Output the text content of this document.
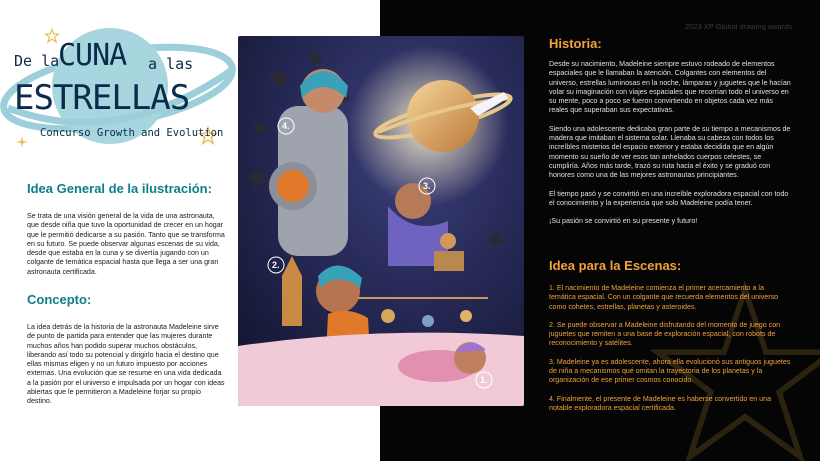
De la
CUNA a las
ESTRELLAS
Concurso Growth and Evolution
Idea General de la ilustración:
Se trata de una visión general de la vida de una astronauta, que desde niña que tuvo la oportunidad de crecer en un hogar que le permitió dedicarse a su pasión. Tanto que se transforma en su futuro. Se puede observar algunas escenas de su vida, desde que estaba en la cuna y se divertía jugando con un colgante de temática espacial hasta que llega a ser una gran astronauta certificada.
Concepto:
La idea detrás de la historia de la astronauta Madeleine sirve de punto de partida para entender que las mujeres durante muchos años han podido superar muchos obstáculos, liberando así todo su potencial y dirigirlo hacia el destino que ellas mismas eligen y no un futuro impuesto por acciones externas. Una evolución que se resume en una vida dedicada a la pasión por el universo e impulsada por un hogar con ideas abiertas que le permitieron a Madeleine forjar su propio destino.
2023 XP Global drawing awards
4.
3.
2.
1.
Historia:

Desde su nacimiento, Madeleine siempre estuvo rodeado de elementos espaciales que le llamaban la atención. Colgantes con elementos del universo, estrellas luminosas en la noche, lámparas y juguetes que le hacían volar su imaginación con viajes espaciales que recorrían todo el universo en su mente, poco a poco se fueron convirtiendo en objetos cada vez más reales que superaban sus expectativas.

Siendo una adolescente dedicaba gran parte de su tiempo a mecanismos de madera que imitaban el sistema solar. Llenaba su cabeza con todos los increíbles misterios del espacio exterior y estaba decidida que en algún momento su sueño de ver esos tan anhelados cuerpos celestes, se cumpliría. Años más tarde, trazó su ruta hacia el éxito y se graduó con honores como una de las mejores astronautas principiantes.

El tiempo pasó y se convirtió en una increíble exploradora espacial con todo el conocimiento y la experiencia que solo Madeleine podía tener.

¡Su pasión se convirtió en su presente y futuro!

Idea para la Escenas:

1. El nacimiento de Madeleine comienza el primer acercamiento a la temática espacial. Con un colgante que recuerda elementos del universo como cohetes, estrellas, planetas y asteroides.

2. Se puede observar a Madeleine disfrutando del momento de juego con juguetes que remiten a una base de exploración espacial, con robots de reconocimiento y satélites.

3. Madeleine ya es adolescente, ahora ella evolucionó sus antiguos juguetes de niña a mecanismos qué omitan la trayectoria de los planetas y la organización de ese primer cosmos conocido.

4. Finalmente, el presente de Madeleine es haberse convertido en una notable exploradora espacial certificada.
